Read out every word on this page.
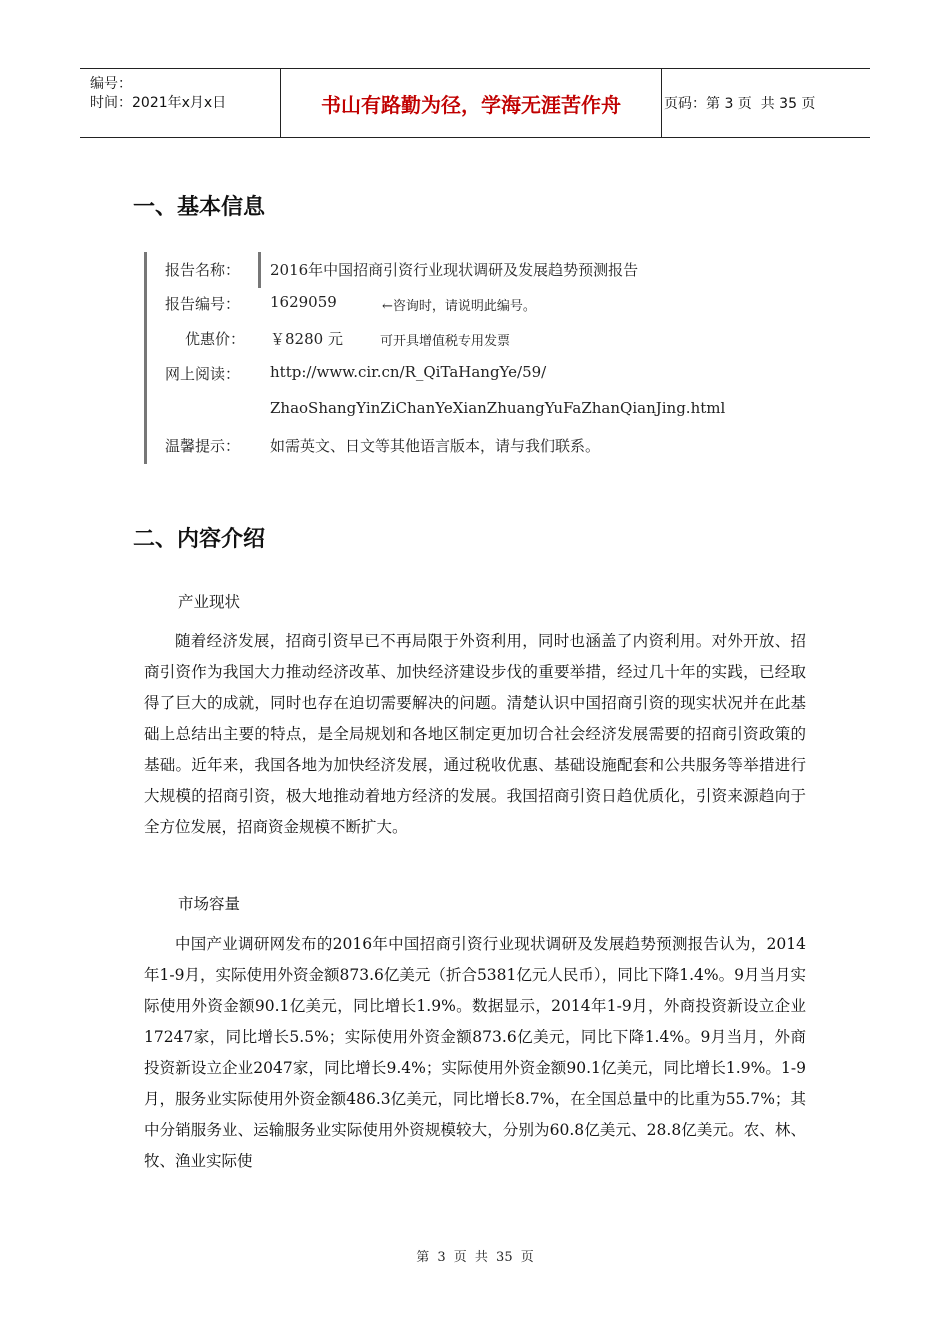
编号：
时间：2021年x月x日	书山有路勤为径，学海无涯苦作舟	页码：第 3 页  共 35 页
一、基本信息
报告名称： 2016年中国招商引资行业现状调研及发展趋势预测报告
报告编号： 1629059	←咨询时，请说明此编号。
优惠价： ￥8280 元	可开具增值税专用发票
网上阅读： http://www.cir.cn/R_QiTaHangYe/59/
ZhaoShangYinZiChanYeXianZhuangYuFaZhanQianJing.html
温馨提示： 如需英文、日文等其他语言版本，请与我们联系。
二、内容介绍
产业现状

随着经济发展，招商引资早已不再局限于外资利用，同时也涵盖了内资利用。对外开放、招商引资作为我国大力推动经济改革、加快经济建设步伐的重要举措，经过几十年的实践，已经取得了巨大的成就，同时也存在迫切需要解决的问题。清楚认识中国招商引资的现实状况并在此基础上总结出主要的特点，是全局规划和各地区制定更加切合社会经济发展需要的招商引资政策的基础。近年来，我国各地为加快经济发展，通过税收优惠、基础设施配套和公共服务等举措进行大规模的招商引资，极大地推动着地方经济的发展。我国招商引资日趋优质化，引资来源趋向于全方位发展，招商资金规模不断扩大。

市场容量

中国产业调研网发布的2016年中国招商引资行业现状调研及发展趋势预测报告认为，2014年1-9月，实际使用外资金额873.6亿美元（折合5381亿元人民币），同比下降1.4%。9月当月实际使用外资金额90.1亿美元，同比增长1.9%。数据显示，2014年1-9月，外商投资新设立企业17247家，同比增长5.5%；实际使用外资金额873.6亿美元，同比下降1.4%。9月当月，外商投资新设立企业2047家，同比增长9.4%；实际使用外资金额90.1亿美元，同比增长1.9%。1-9月，服务业实际使用外资金额486.3亿美元，同比增长8.7%，在全国总量中的比重为55.7%；其中分销服务业、运输服务业实际使用外资规模较大，分别为60.8亿美元、28.8亿美元。农、林、牧、渔业实际使

第 3 页 共 35 页
